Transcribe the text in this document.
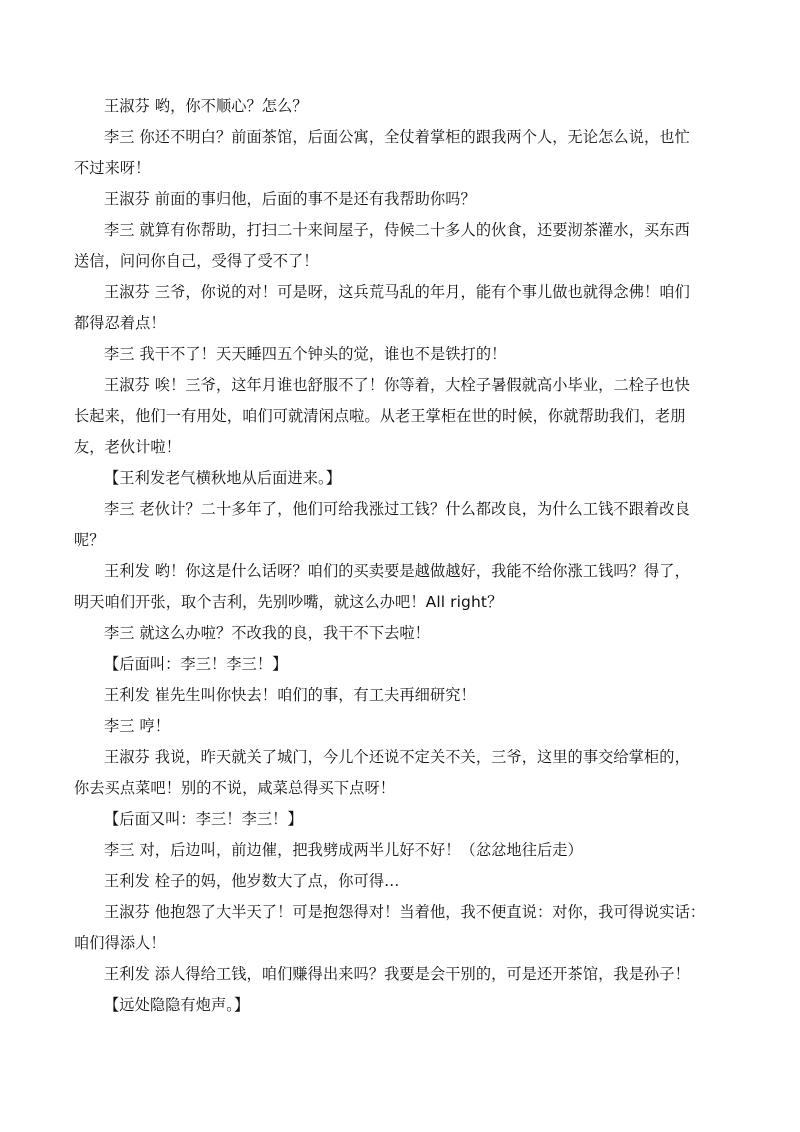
王淑芬 哟，你不顺心？怎么？
李三 你还不明白？前面茶馆，后面公寓，全仗着掌柜的跟我两个人，无论怎么说，也忙
不过来呀！
王淑芬 前面的事归他，后面的事不是还有我帮助你吗？
李三 就算有你帮助，打扫二十来间屋子，侍候二十多人的伙食，还要沏茶灌水，买东西
送信，问问你自己，受得了受不了！
王淑芬 三爷，你说的对！可是呀，这兵荒马乱的年月，能有个事儿做也就得念佛！咱们
都得忍着点！
李三 我干不了！天天睡四五个钟头的觉，谁也不是铁打的！
王淑芬 唉！三爷，这年月谁也舒服不了！你等着，大栓子暑假就高小毕业，二栓子也快
长起来，他们一有用处，咱们可就清闲点啦。从老王掌柜在世的时候，你就帮助我们，老朋
友，老伙计啦！
【王利发老气横秋地从后面进来。】
李三 老伙计？二十多年了，他们可给我涨过工钱？什么都改良，为什么工钱不跟着改良
呢？
王利发 哟！你这是什么话呀？咱们的买卖要是越做越好，我能不给你涨工钱吗？得了，
明天咱们开张，取个吉利，先别吵嘴，就这么办吧！All right？
李三 就这么办啦？不改我的良，我干不下去啦！
【后面叫：李三！李三！】
王利发 崔先生叫你快去！咱们的事，有工夫再细研究！
李三 哼！
王淑芬 我说，昨天就关了城门，今儿个还说不定关不关，三爷，这里的事交给掌柜的，
你去买点菜吧！别的不说，咸菜总得买下点呀！
【后面又叫：李三！李三！】
李三 对，后边叫，前边催，把我劈成两半儿好不好！（忿忿地往后走）
王利发 栓子的妈，他岁数大了点，你可得…
王淑芬 他抱怨了大半天了！可是抱怨得对！当着他，我不便直说：对你，我可得说实话：
咱们得添人！
王利发 添人得给工钱，咱们赚得出来吗？我要是会干别的，可是还开茶馆，我是孙子！
【远处隐隐有炮声。】
